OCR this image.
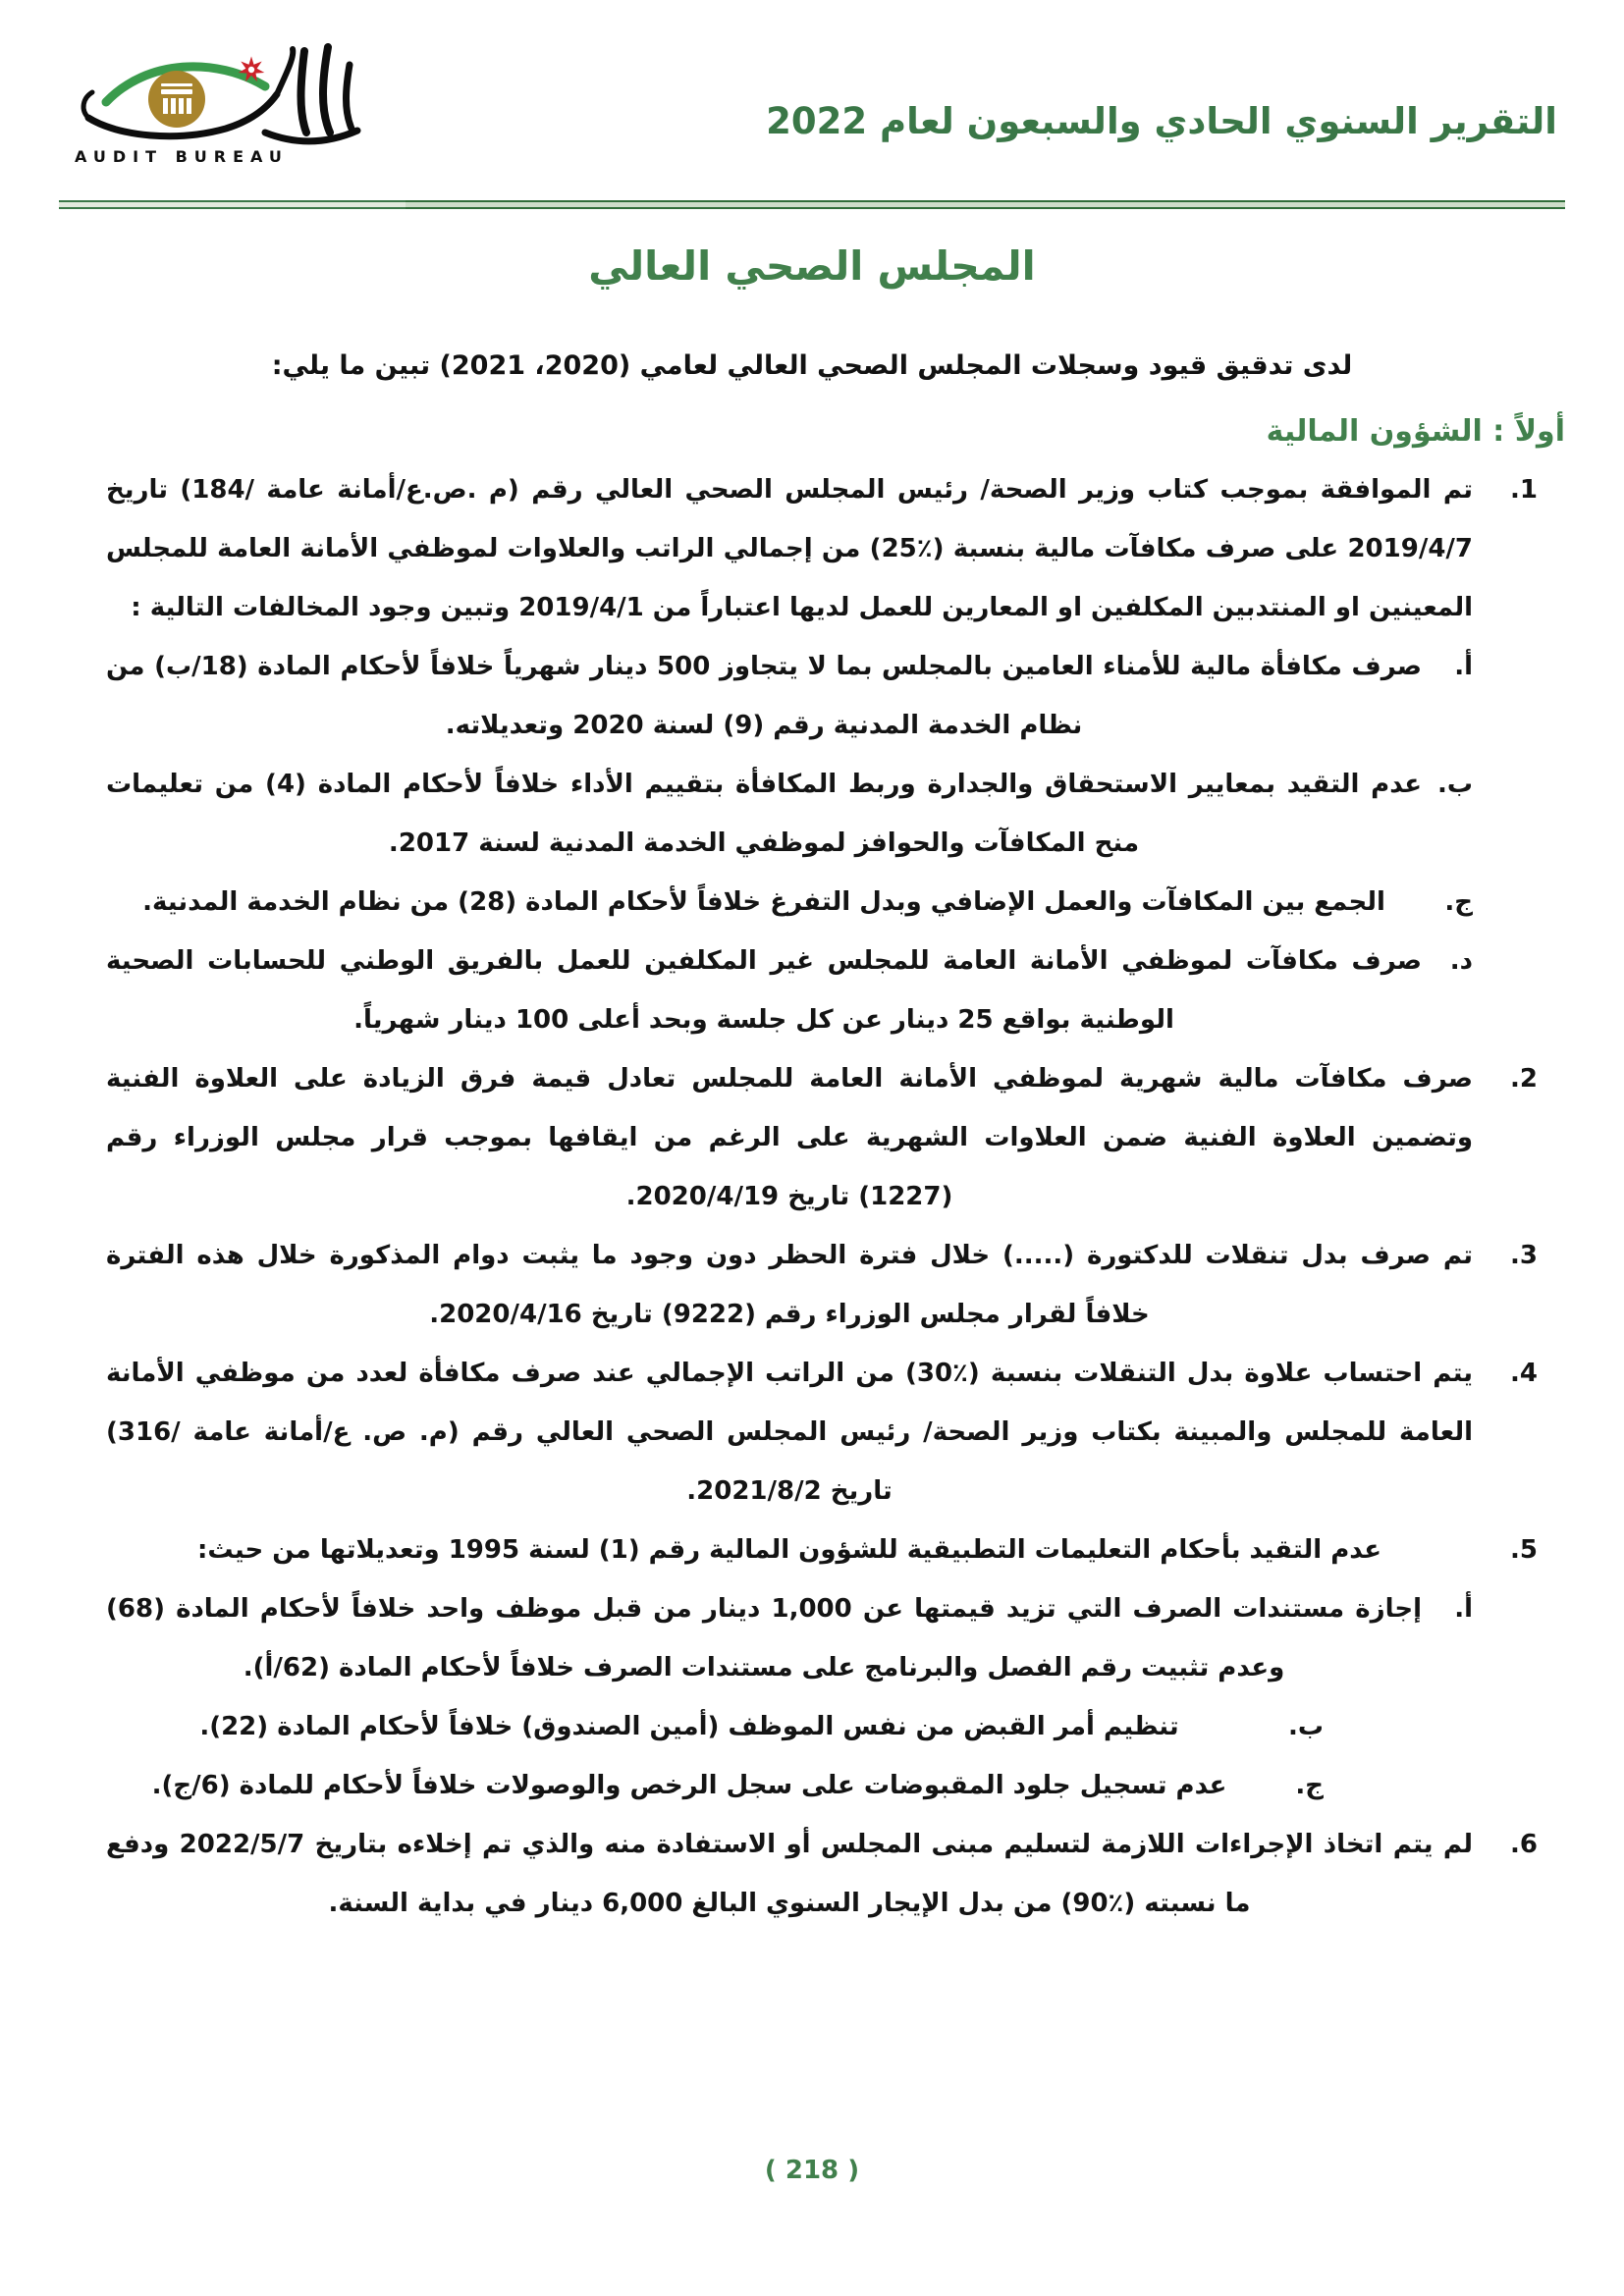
AUDIT BUREAU
التقرير السنوي الحادي والسبعون لعام 2022
المجلس الصحي العالي

لدى تدقيق قيود وسجلات المجلس الصحي العالي لعامي (2020، 2021) تبين ما يلي:

أولاً : الشؤون المالية
1.

تم الموافقة بموجب كتاب وزير الصحة/ رئيس المجلس الصحي العالي رقم (م .ص.ع/أمانة عامة /184) تاريخ 2019/4/7 على صرف مكافآت مالية بنسبة (‎25٪) من إجمالي الراتب والعلاوات لموظفي الأمانة العامة للمجلس المعينين او المنتدبين المكلفين او المعارين للعمل لديها اعتباراً من 2019/4/1 وتبين وجود المخالفات التالية :

أ.

صرف مكافأة مالية للأمناء العامين بالمجلس بما لا يتجاوز 500 دينار شهرياً خلافاً لأحكام المادة (18/ب) من نظام الخدمة المدنية رقم (9) لسنة 2020 وتعديلاته.

ب.

عدم التقيد بمعايير الاستحقاق والجدارة وربط المكافأة بتقييم الأداء خلافاً لأحكام المادة (4) من تعليمات منح المكافآت والحوافز لموظفي الخدمة المدنية لسنة 2017.

ج.

الجمع بين المكافآت والعمل الإضافي وبدل التفرغ خلافاً لأحكام المادة (28) من نظام الخدمة المدنية.

د.

صرف مكافآت لموظفي الأمانة العامة للمجلس غير المكلفين للعمل بالفريق الوطني للحسابات الصحية الوطنية بواقع 25 دينار عن كل جلسة وبحد أعلى 100 دينار شهرياً.

2.

صرف مكافآت مالية شهرية لموظفي الأمانة العامة للمجلس تعادل قيمة فرق الزيادة على العلاوة الفنية وتضمين العلاوة الفنية ضمن العلاوات الشهرية على الرغم من ايقافها بموجب قرار مجلس الوزراء رقم (1227) تاريخ 2020/4/19.

3.

تم صرف بدل تنقلات للدكتورة (.....) خلال فترة الحظر دون وجود ما يثبت دوام المذكورة خلال هذه الفترة خلافاً لقرار مجلس الوزراء رقم (9222) تاريخ 2020/4/16.

4.

يتم احتساب علاوة بدل التنقلات بنسبة (‎30٪) من الراتب الإجمالي عند صرف مكافأة لعدد من موظفي الأمانة العامة للمجلس والمبينة بكتاب وزير الصحة/ رئيس المجلس الصحي العالي رقم (م. ص. ع/أمانة عامة /316) تاريخ 2021/8/2.

5.

عدم التقيد بأحكام التعليمات التطبيقية للشؤون المالية رقم (1) لسنة 1995 وتعديلاتها من حيث:

أ.

إجازة مستندات الصرف التي تزيد قيمتها عن 1,000 دينار من قبل موظف واحد خلافاً لأحكام المادة (68) وعدم تثبيت رقم الفصل والبرنامج على مستندات الصرف خلافاً لأحكام المادة (62/أ).

ب.

تنظيم أمر القبض من نفس الموظف (أمين الصندوق) خلافاً لأحكام المادة (22).

ج.

عدم تسجيل جلود المقبوضات على سجل الرخص والوصولات خلافاً لأحكام للمادة (6/ج).

6.

لم يتم اتخاذ الإجراءات اللازمة لتسليم مبنى المجلس أو الاستفادة منه والذي تم إخلاءه بتاريخ 2022/5/7 ودفع ما نسبته (‎90٪) من بدل الإيجار السنوي البالغ 6,000 دينار في بداية السنة.

( 218 )
